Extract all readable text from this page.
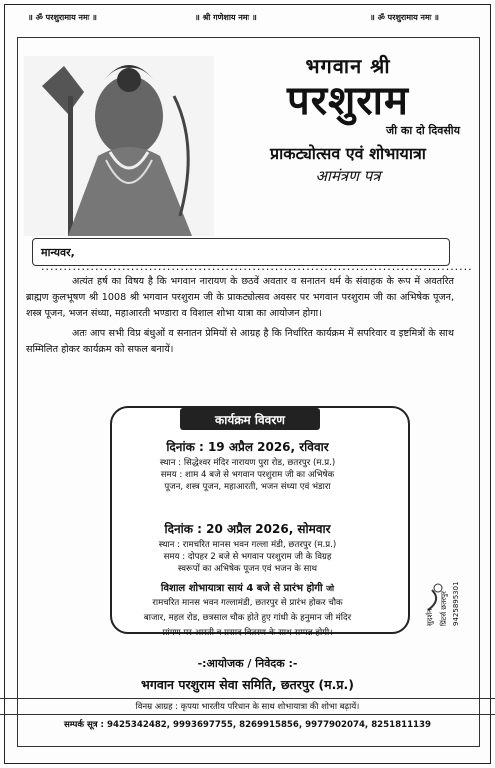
॥ ॐ परशुरामाय नमः ॥	॥ श्री गणेशाय नमः ॥	॥ ॐ परशुरामाय नमः ॥
भगवान श्री
परशुराम
जी का दो दिवसीय
प्राकट्योत्सव एवं शोभायात्रा
आमंत्रण पत्र
मान्यवर, ................................................................................................

अत्यंत हर्ष का विषय है कि भगवान नारायण के छठवें अवतार व सनातन धर्म के संवाहक के रूप में अवतरित ब्राह्मण कुलभूषण श्री 1008 श्री भगवान परशुराम जी के प्राकट्योत्सव अवसर पर भगवान परशुराम जी का अभिषेक पूजन, शस्त्र पूजन, भजन संध्या, महाआरती भण्डारा व विशाल शोभा यात्रा का आयोजन होगा।

अतः आप सभी विप्र बंधुओं व सनातन प्रेमियों से आग्रह है कि निर्धारित कार्यक्रम में सपरिवार व इष्टमित्रों के साथ सम्मिलित होकर कार्यक्रम को सफल बनायें।

कार्यक्रम विवरण
दिनांक : 19 अप्रैल 2026, रविवार
स्थान : सिद्धेश्वर मंदिर नारायण पुरा रोड, छतरपुर (म.प्र.)
समय : शाम 4 बजे से भगवान परशुराम जी का अभिषेक
पूजन, शस्त्र पूजन, महाआरती, भजन संध्या एवं भंडारा
दिनांक : 20 अप्रैल 2026, सोमवार
स्थान : रामचरित मानस भवन गल्ला मंडी, छतरपुर (म.प्र.)
समय : दोपहर 2 बजे से भगवान परशुराम जी के विग्रह
स्वरूपों का अभिषेक पूजन एवं भजन के साथ
विशाल शोभायात्रा सायं 4 बजे से प्रारंभ होगी जो
रामचरित मानस भवन गल्लामंडी, छतरपुर से प्रारंभ होकर चौक
बाजार, महल रोड, छत्रसाल चौक होते हुए गांधी के हनुमान जी मंदिर
प्रांगण पर आरती व प्रसाद वितरण के साथ सम्पन्न होगी।
सुदर्शन प्रिंटर्स छतरपुर 9425895301
-:आयोजक / निवेदक :-
भगवान परशुराम सेवा समिति, छतरपुर (म.प्र.)
विनम्र आग्रह : कृपया भारतीय परिधान के साथ शोभायात्रा की शोभा बढ़ायें।
सम्पर्क सूत्र : 9425342482, 9993697755, 8269915856, 9977902074, 8251811139
